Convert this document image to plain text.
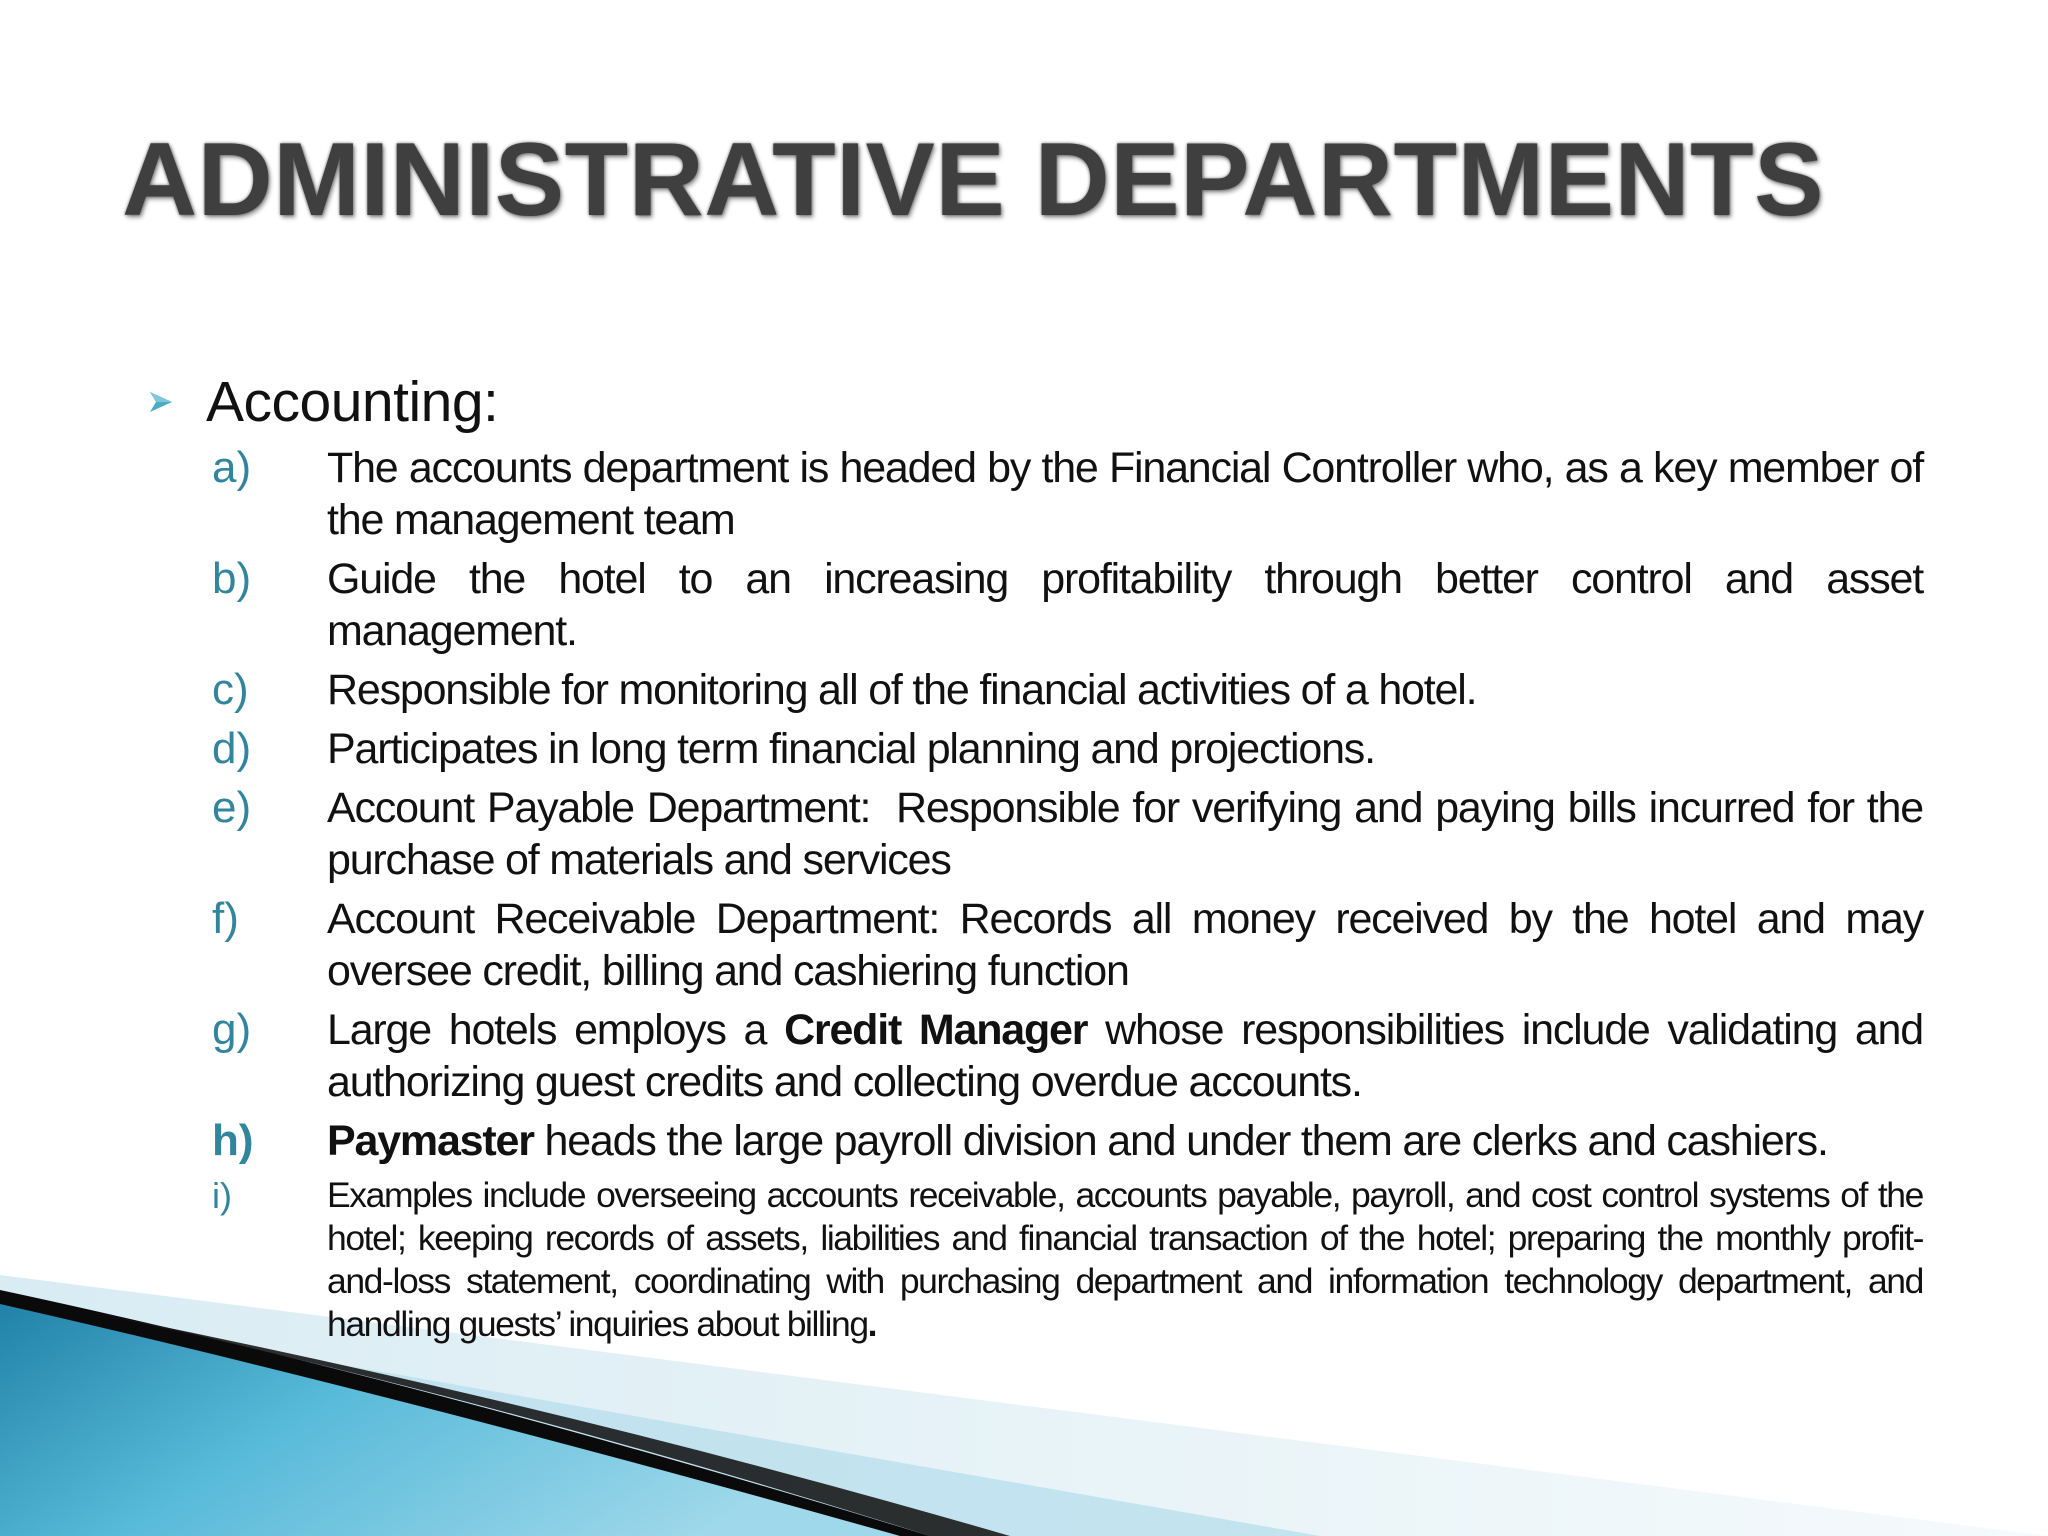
ADMINISTRATIVE DEPARTMENTS
Accounting:
a)	The accounts department is headed by the Financial Controller who, as a key member of the management team
b)	Guide the hotel to an increasing profitability through better control and asset management.
c)	Responsible for monitoring all of the financial activities of a hotel.
d)	Participates in long term financial planning and projections.
e)	Account Payable Department:  Responsible for verifying and paying bills incurred for the purchase of materials and services
f)	Account Receivable Department: Records all money received by the hotel and may oversee credit, billing and cashiering function
g)	Large hotels employs a Credit Manager whose responsibilities include validating and authorizing guest credits and collecting overdue accounts.
h)	Paymaster heads the large payroll division and under them are clerks and cashiers.
i)	Examples include overseeing accounts receivable, accounts payable, payroll, and cost control systems of the hotel; keeping records of assets, liabilities and financial transaction of the hotel; preparing the monthly profit-and-loss statement, coordinating with purchasing department and information technology department, and handling guests’ inquiries about billing.
